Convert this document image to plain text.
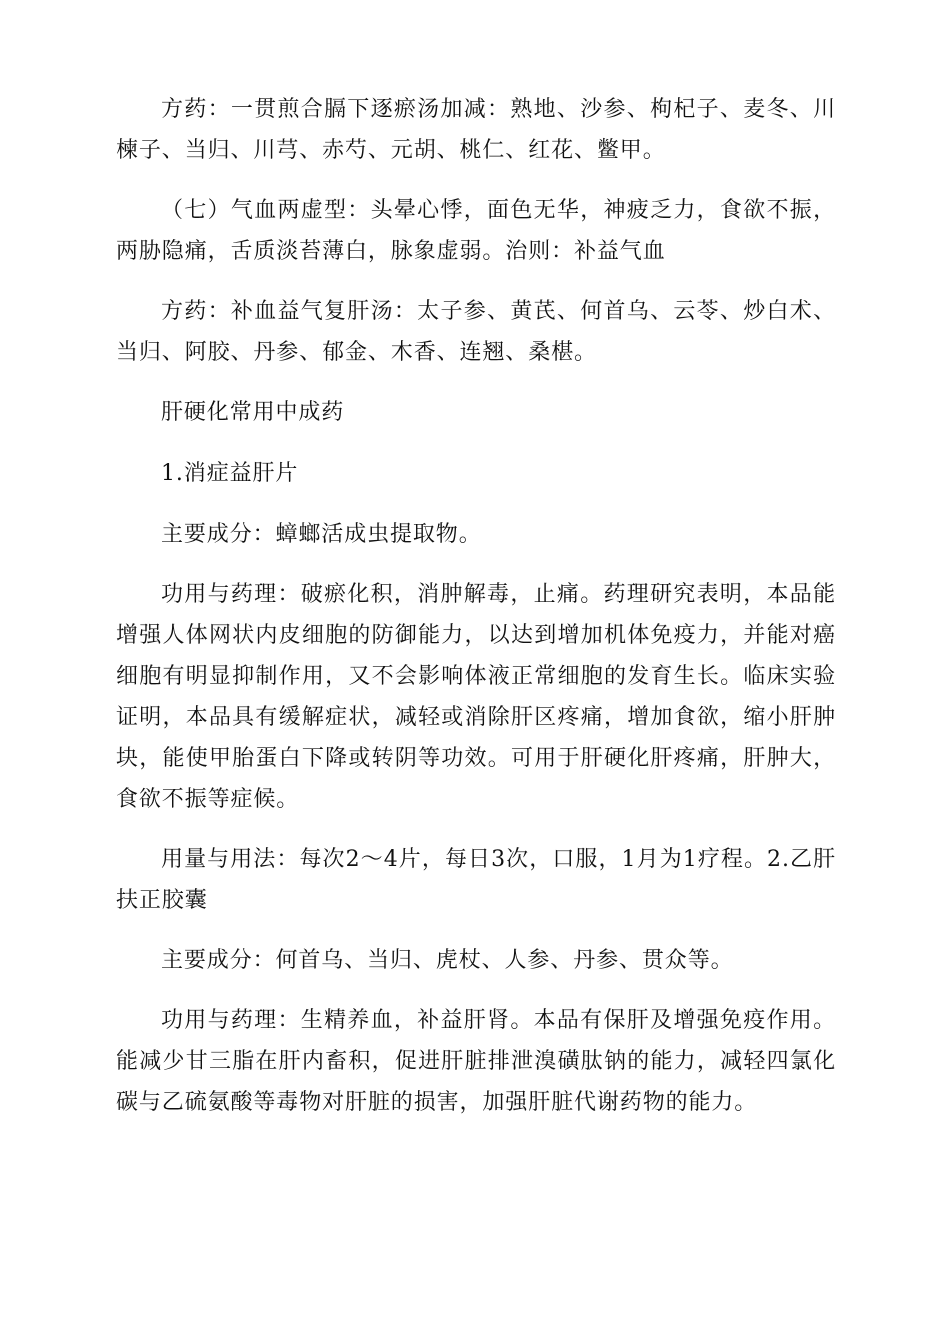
方药：一贯煎合膈下逐瘀汤加减：熟地、沙参、枸杞子、麦冬、川楝子、当归、川芎、赤芍、元胡、桃仁、红花、鳖甲。

（七）气血两虚型：头晕心悸，面色无华，神疲乏力，食欲不振，两胁隐痛，舌质淡苔薄白，脉象虚弱。治则：补益气血

方药：补血益气复肝汤：太子参、黄芪、何首乌、云苓、炒白术、当归、阿胶、丹参、郁金、木香、连翘、桑椹。

肝硬化常用中成药

1.消症益肝片

主要成分：蟑螂活成虫提取物。

功用与药理：破瘀化积，消肿解毒，止痛。药理研究表明，本品能增强人体网状内皮细胞的防御能力，以达到增加机体免疫力，并能对癌细胞有明显抑制作用，又不会影响体液正常细胞的发育生长。临床实验证明，本品具有缓解症状，减轻或消除肝区疼痛，增加食欲，缩小肝肿块，能使甲胎蛋白下降或转阴等功效。可用于肝硬化肝疼痛，肝肿大，食欲不振等症候。

用量与用法：每次2～4片，每日3次，口服，1月为1疗程。2.乙肝扶正胶囊

主要成分：何首乌、当归、虎杖、人参、丹参、贯众等。

功用与药理：生精养血，补益肝肾。本品有保肝及增强免疫作用。能减少甘三脂在肝内畜积，促进肝脏排泄溴磺肽钠的能力，减轻四氯化碳与乙硫氨酸等毒物对肝脏的损害，加强肝脏代谢药物的能力。
